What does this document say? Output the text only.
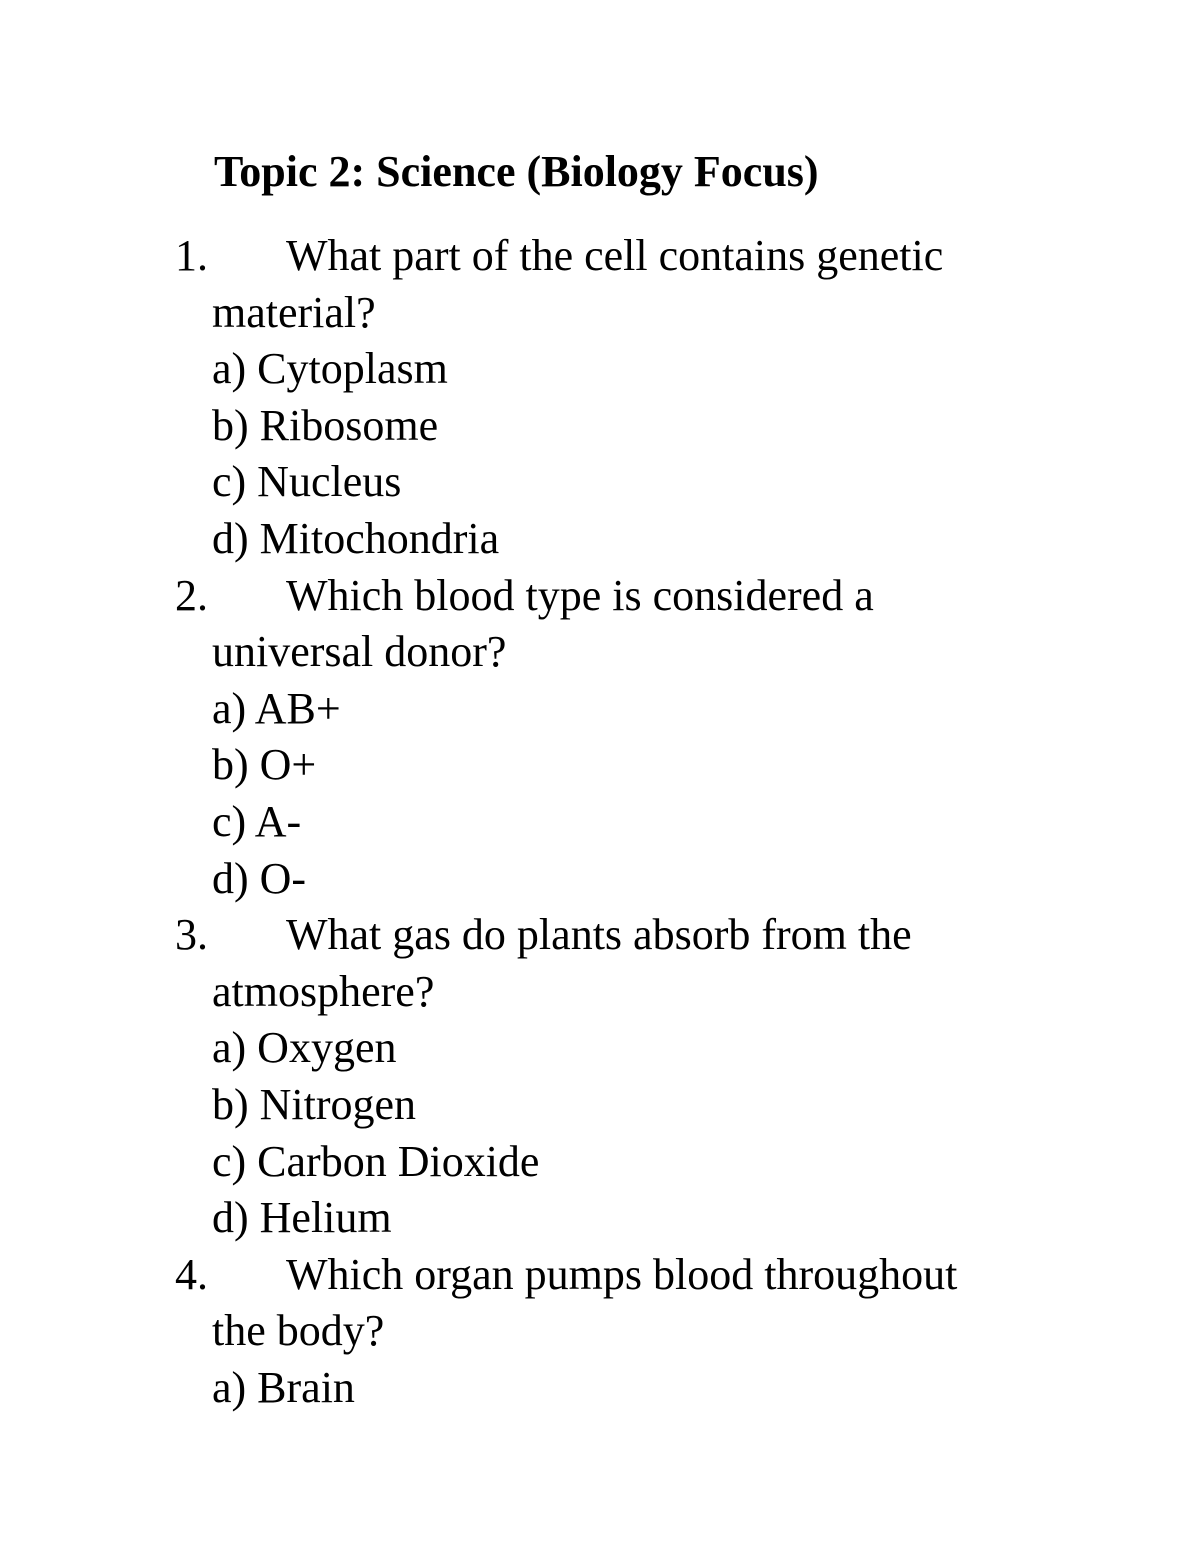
Topic 2: Science (Biology Focus)
1. What part of the cell contains genetic
material?
a) Cytoplasm
b) Ribosome
c) Nucleus
d) Mitochondria
2. Which blood type is considered a
universal donor?
a) AB+
b) O+
c) A-
d) O-
3. What gas do plants absorb from the
atmosphere?
a) Oxygen
b) Nitrogen
c) Carbon Dioxide
d) Helium
4. Which organ pumps blood throughout
the body?
a) Brain
